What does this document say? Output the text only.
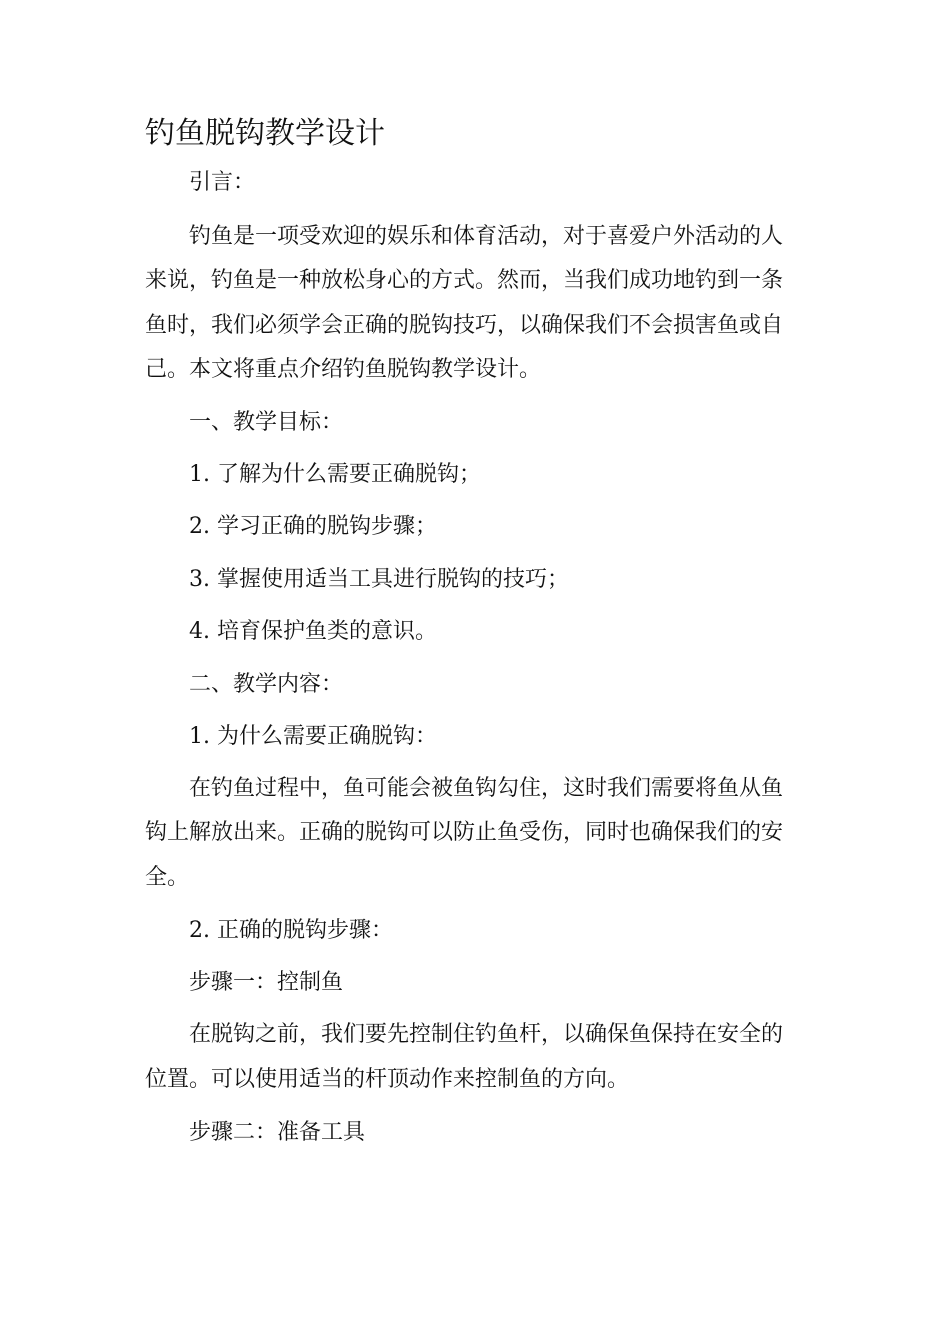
钓鱼脱钩教学设计

引言：

钓鱼是一项受欢迎的娱乐和体育活动，对于喜爱户外活动的人

来说，钓鱼是一种放松身心的方式。然而，当我们成功地钓到一条

鱼时，我们必须学会正确的脱钩技巧，以确保我们不会损害鱼或自

己。本文将重点介绍钓鱼脱钩教学设计。

一、教学目标：

1. 了解为什么需要正确脱钩；

2. 学习正确的脱钩步骤；

3. 掌握使用适当工具进行脱钩的技巧；

4. 培育保护鱼类的意识。

二、教学内容：

1. 为什么需要正确脱钩：

在钓鱼过程中，鱼可能会被鱼钩勾住，这时我们需要将鱼从鱼

钩上解放出来。正确的脱钩可以防止鱼受伤，同时也确保我们的安

全。

2. 正确的脱钩步骤：

步骤一：控制鱼

在脱钩之前，我们要先控制住钓鱼杆，以确保鱼保持在安全的

位置。可以使用适当的杆顶动作来控制鱼的方向。

步骤二：准备工具
